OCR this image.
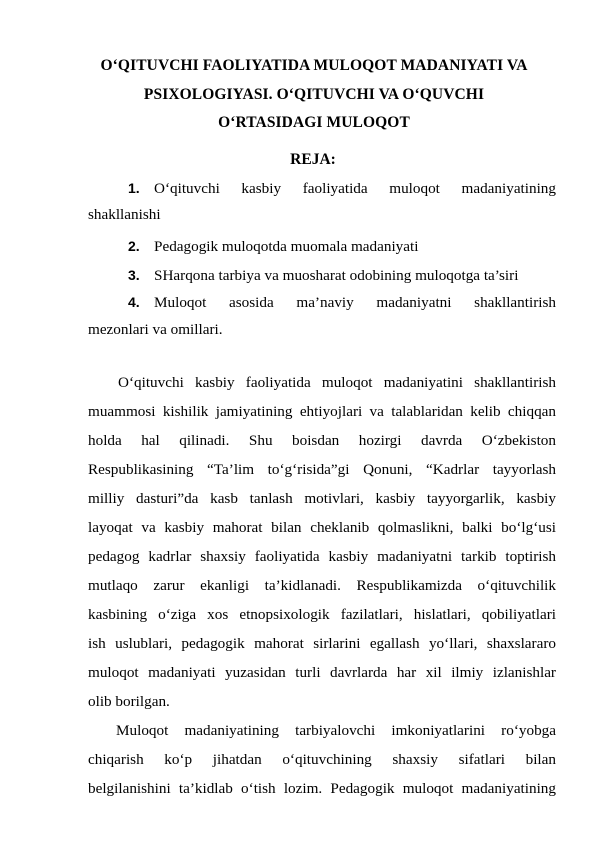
O‘QITUVCHI FAOLIYATIDA MULOQOT MADANIYATI VA
PSIXOLOGIYASI. O‘QITUVCHI VA O‘QUVCHI
O‘RTASIDAGI MULOQOT
REJA:
1. O‘qituvchi kasbiy faoliyatida muloqot madaniyatining
shakllanishi
2. Pedagogik muloqotda muomala madaniyati
3. SHarqona tarbiya va muosharat odobining muloqotga ta’siri
4. Muloqot asosida ma’naviy madaniyatni shakllantirish
mezonlari va omillari.
O‘qituvchi kasbiy faoliyatida muloqot madaniyatini shakllantirish
muammosi kishilik jamiyatining ehtiyojlari va talablaridan kelib chiqqan
holda hal qilinadi. Shu boisdan hozirgi davrda O‘zbekiston
Respublikasining “Ta’lim to‘g‘risida”gi Qonuni, “Kadrlar tayyorlash
milliy dasturi”da kasb tanlash motivlari, kasbiy tayyorgarlik, kasbiy
layoqat va kasbiy mahorat bilan cheklanib qolmaslikni, balki bo‘lg‘usi
pedagog kadrlar shaxsiy faoliyatida kasbiy madaniyatni tarkib toptirish
mutlaqo zarur ekanligi ta’kidlanadi. Respublikamizda o‘qituvchilik
kasbining o‘ziga xos etnopsixologik fazilatlari, hislatlari, qobiliyatlari
ish uslublari, pedagogik mahorat sirlarini egallash yo‘llari, shaxslararo
muloqot madaniyati yuzasidan turli davrlarda har xil ilmiy izlanishlar
olib borilgan.
Muloqot madaniyatining tarbiyalovchi imkoniyatlarini ro‘yobga
chiqarish ko‘p jihatdan o‘qituvchining shaxsiy sifatlari bilan
belgilanishini ta’kidlab o‘tish lozim. Pedagogik muloqot madaniyatining
